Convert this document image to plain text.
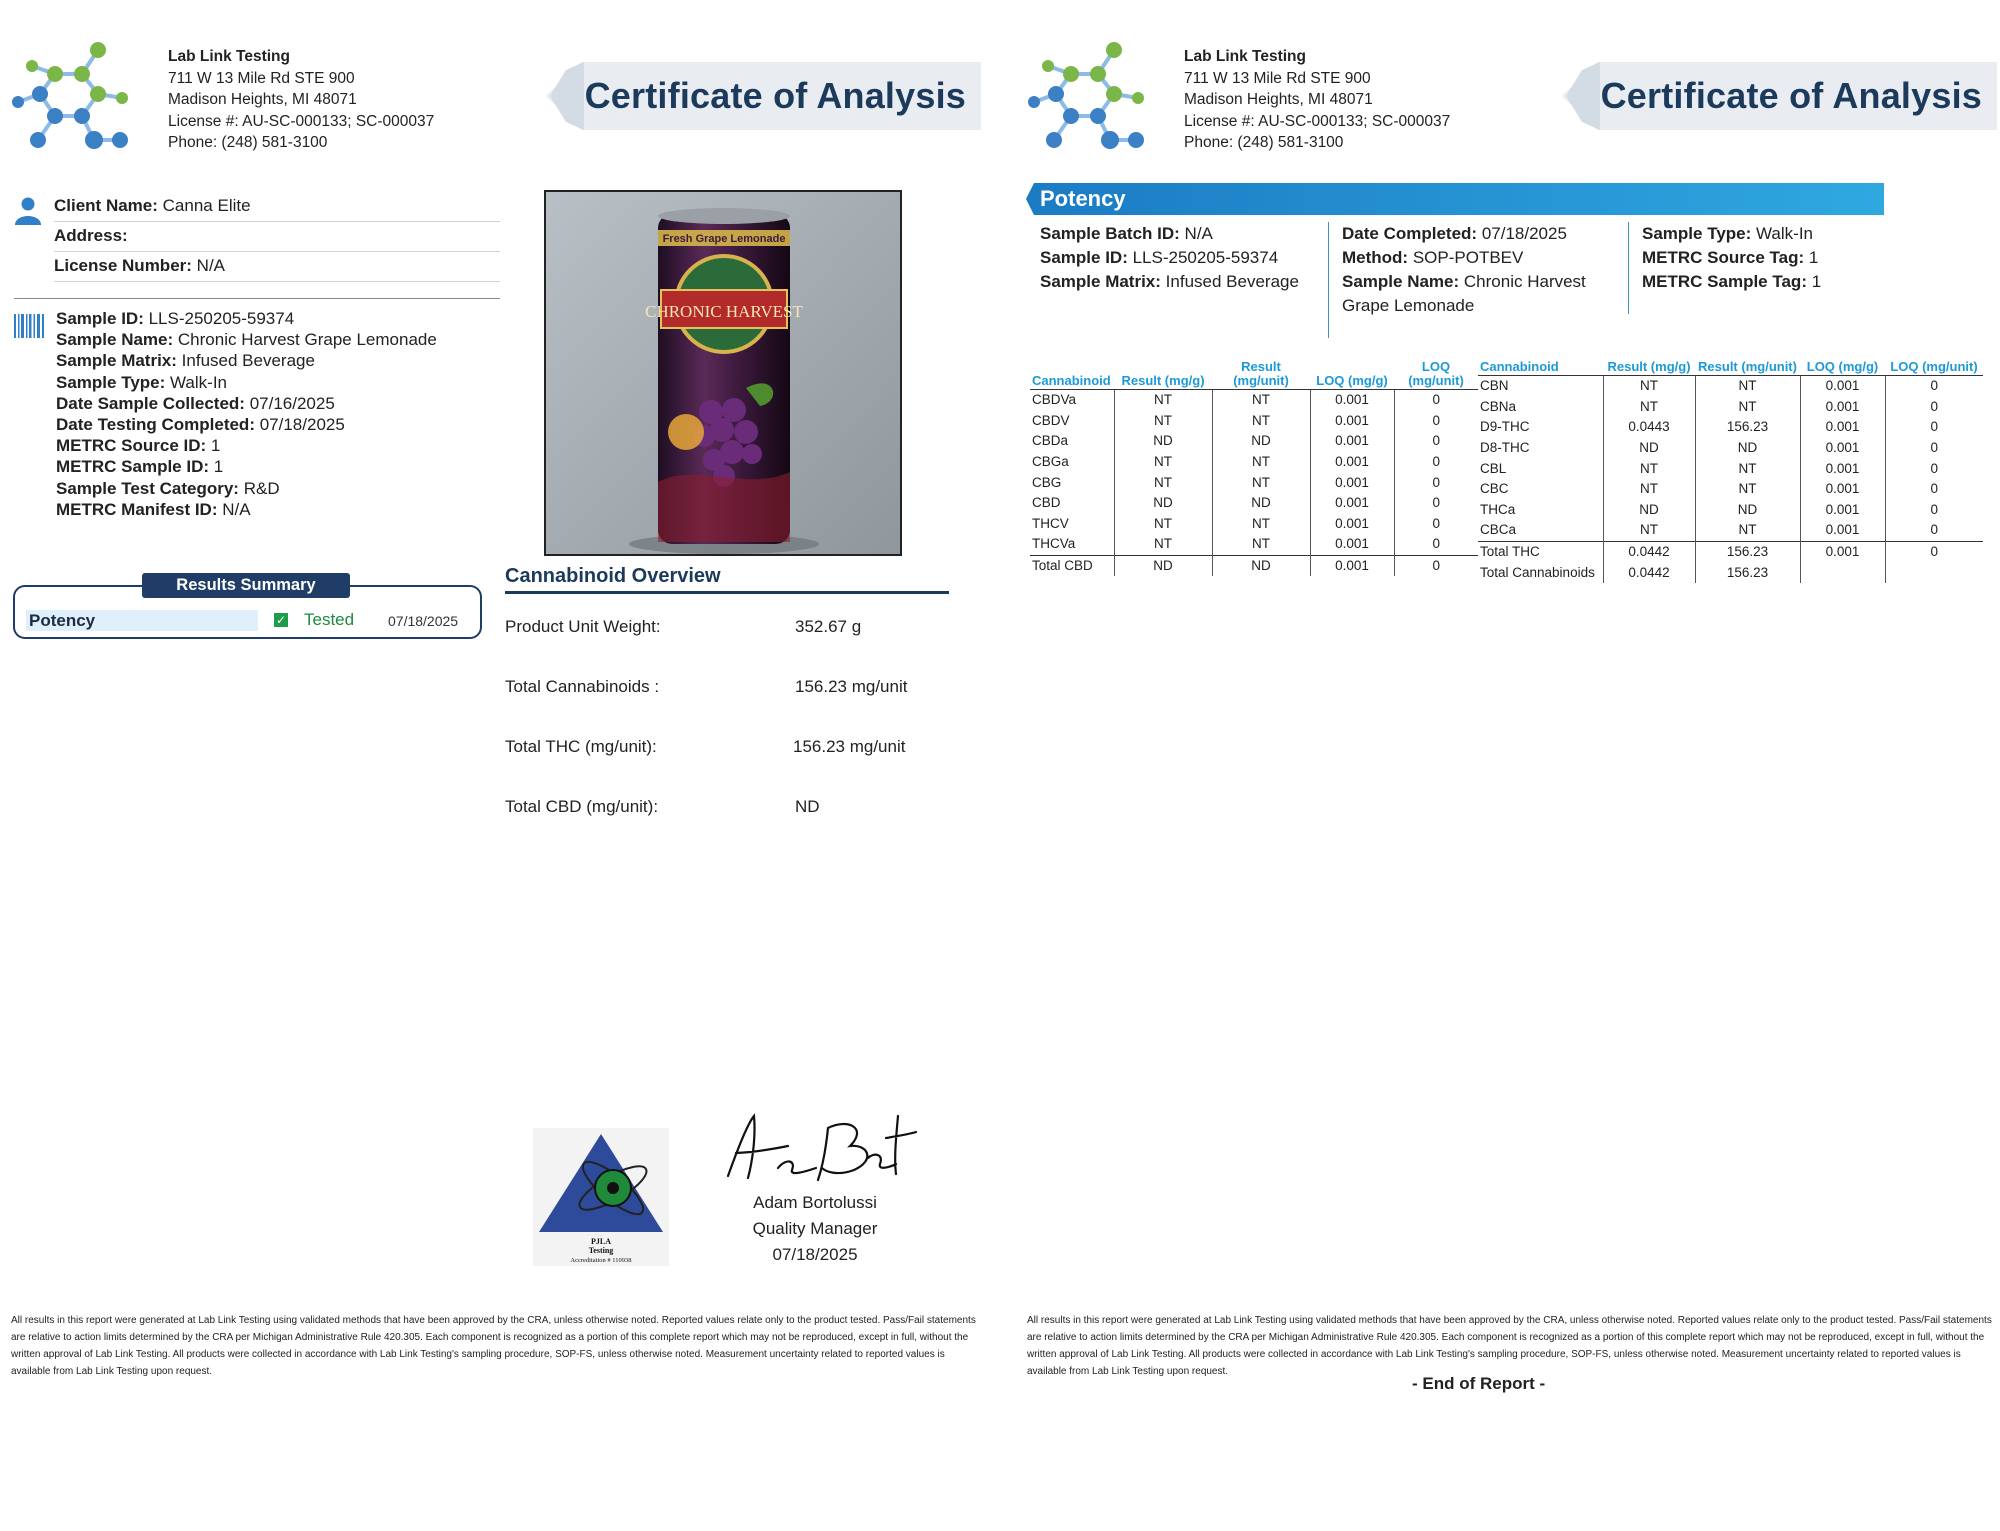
Lab Link Testing
711 W 13 Mile Rd STE 900
Madison Heights, MI 48071
License #: AU-SC-000133; SC-000037
Phone: (248) 581-3100
Certificate of Analysis
Client Name: Canna Elite
Address:
License Number: N/A
Sample ID: LLS-250205-59374
Sample Name: Chronic Harvest Grape Lemonade
Sample Matrix: Infused Beverage
Sample Type: Walk-In
Date Sample Collected: 07/16/2025
Date Testing Completed: 07/18/2025
METRC Source ID: 1
METRC Sample ID: 1
Sample Test Category: R&D
METRC Manifest ID: N/A
Results Summary
Potency	✓ Tested 07/18/2025
Fresh Grape Lemonade
CHRONIC HARVEST
Cannabinoid Overview
Product Unit Weight:	352.67 g
Total Cannabinoids :	156.23 mg/unit
Total THC (mg/unit):	156.23 mg/unit
Total CBD (mg/unit):	ND
PJLA
Testing
Accreditation # 110938
Adam Bortolussi
Quality Manager
07/18/2025
All results in this report were generated at Lab Link Testing using validated methods that have been approved by the CRA, unless otherwise noted. Reported values relate only to the product tested. Pass/Fail statements are relative to action limits determined by the CRA per Michigan Administrative Rule 420.305. Each component is recognized as a portion of this complete report which may not be reproduced, except in full, without the written approval of Lab Link Testing. All products were collected in accordance with Lab Link Testing's sampling procedure, SOP-FS, unless otherwise noted. Measurement uncertainty related to reported values is available from Lab Link Testing upon request.
Lab Link Testing
711 W 13 Mile Rd STE 900
Madison Heights, MI 48071
License #: AU-SC-000133; SC-000037
Phone: (248) 581-3100
Certificate of Analysis
Potency
Sample Batch ID: N/A
Sample ID: LLS-250205-59374
Sample Matrix: Infused Beverage
Date Completed: 07/18/2025
Method: SOP-POTBEV
Sample Name: Chronic Harvest Grape Lemonade
Sample Type: Walk-In
METRC Source Tag: 1
METRC Sample Tag: 1
Cannabinoid	Result (mg/g)	Result (mg/unit)	LOQ (mg/g)	LOQ (mg/unit)
CBDVa	NT	NT	0.001	0
CBDV	NT	NT	0.001	0
CBDa	ND	ND	0.001	0
CBGa	NT	NT	0.001	0
CBG	NT	NT	0.001	0
CBD	ND	ND	0.001	0
THCV	NT	NT	0.001	0
THCVa	NT	NT	0.001	0
Total CBD	ND	ND	0.001	0
Cannabinoid	Result (mg/g)	Result (mg/unit)	LOQ (mg/g)	LOQ (mg/unit)
CBN	NT	NT	0.001	0
CBNa	NT	NT	0.001	0
D9-THC	0.0443	156.23	0.001	0
D8-THC	ND	ND	0.001	0
CBL	NT	NT	0.001	0
CBC	NT	NT	0.001	0
THCa	ND	ND	0.001	0
CBCa	NT	NT	0.001	0
Total THC	0.0442	156.23	0.001	0
Total Cannabinoids	0.0442	156.23		
All results in this report were generated at Lab Link Testing using validated methods that have been approved by the CRA, unless otherwise noted. Reported values relate only to the product tested. Pass/Fail statements are relative to action limits determined by the CRA per Michigan Administrative Rule 420.305. Each component is recognized as a portion of this complete report which may not be reproduced, except in full, without the written approval of Lab Link Testing. All products were collected in accordance with Lab Link Testing's sampling procedure, SOP-FS, unless otherwise noted. Measurement uncertainty related to reported values is available from Lab Link Testing upon request.
- End of Report -
